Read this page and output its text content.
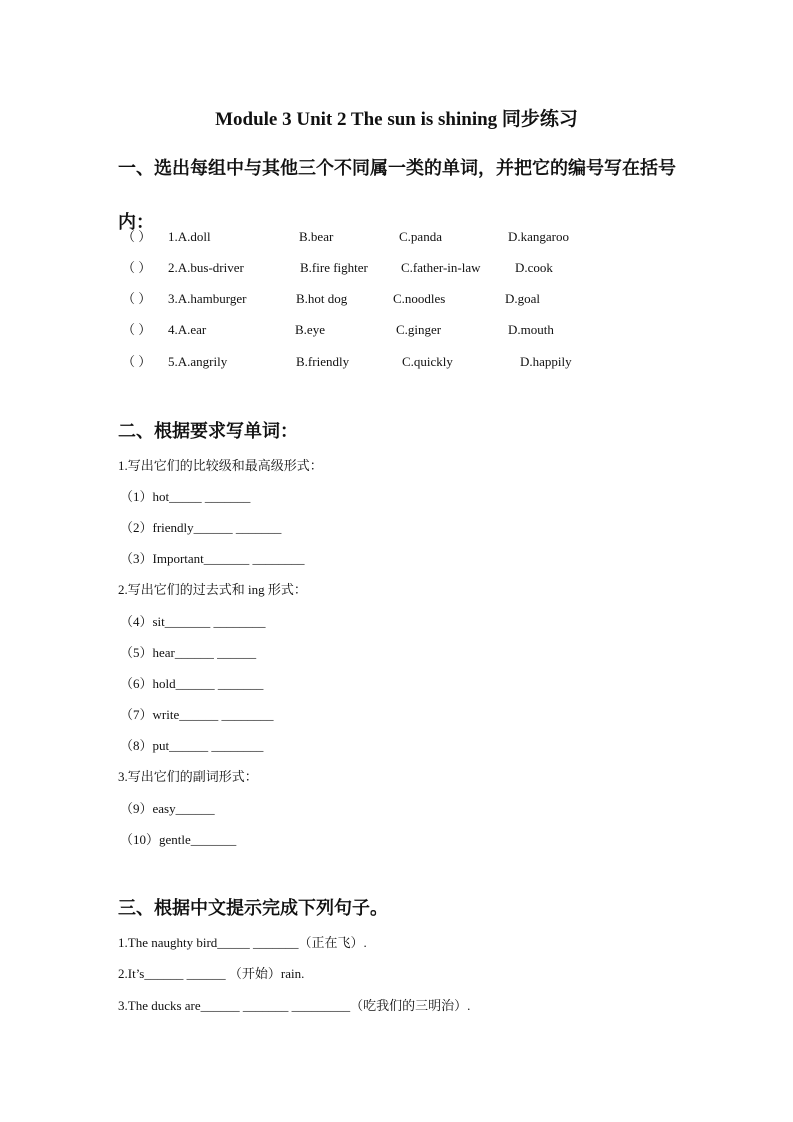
Module 3 Unit 2 The sun is shining 同步练习
一、选出每组中与其他三个不同属一类的单词，并把它的编号写在括号内：
（ ） 1.A.doll	B.bear	C.panda	D.kangaroo
（ ） 2.A.bus-driver	B.fire fighter	C.father-in-law	D.cook
（ ） 3.A.hamburger	B.hot dog	C.noodles	D.goal
（ ） 4.A.ear	B.eye	C.ginger	D.mouth
（ ） 5.A.angrily	B.friendly	C.quickly	D.happily
二、根据要求写单词：
1.写出它们的比较级和最高级形式：
（1）hot_____ _______
（2）friendly______ _______
（3）Important_______ ________
2.写出它们的过去式和 ing 形式：
（4）sit_______ ________
（5）hear______ ______
（6）hold______ _______
（7）write______ ________
（8）put______ ________
3.写出它们的副词形式：
（9）easy______
（10）gentle_______
三、根据中文提示完成下列句子。
1.The naughty bird_____ _______（正在飞）.
2.It’s______ ______ （开始）rain.
3.The ducks are______ _______ _________（吃我们的三明治）.
